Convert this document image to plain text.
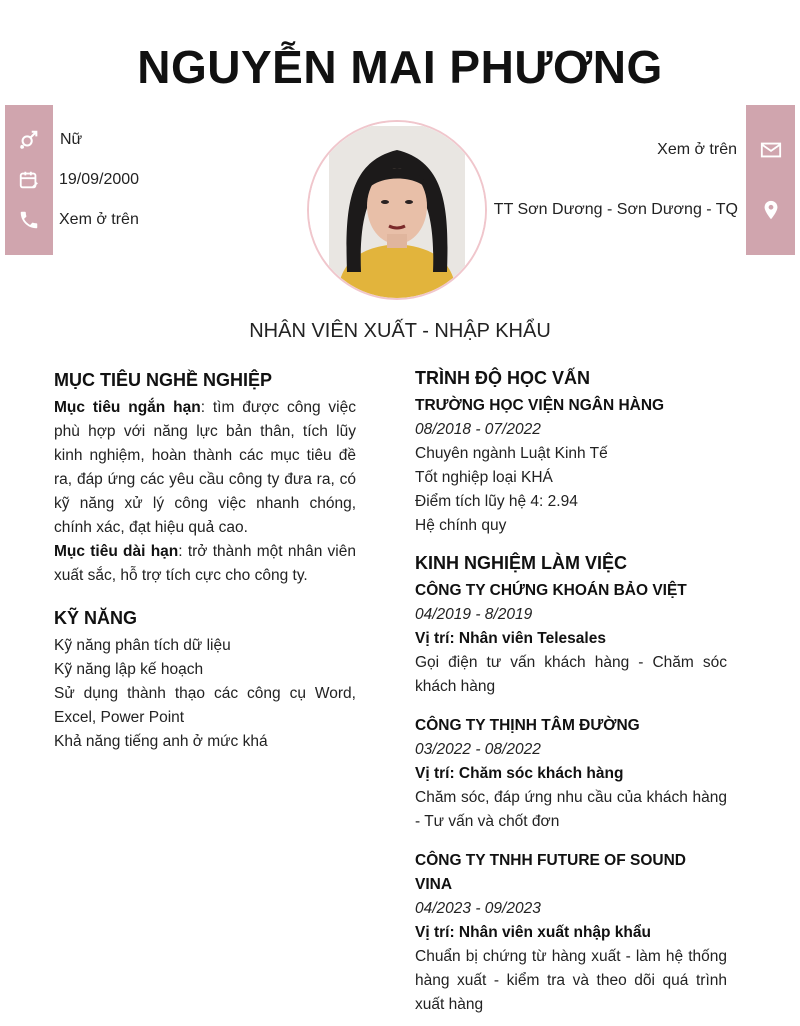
NGUYỄN MAI PHƯƠNG
Nữ
19/09/2000
Xem ở trên
Xem ở trên
TT Sơn Dương - Sơn Dương - TQ
NHÂN VIÊN XUẤT - NHẬP KHẨU
MỤC TIÊU NGHỀ NGHIỆP

Mục tiêu ngắn hạn: tìm được công việc phù hợp với năng lực bản thân, tích lũy kinh nghiệm, hoàn thành các mục tiêu đề ra, đáp ứng các yêu cầu công ty đưa ra, có kỹ năng xử lý công việc nhanh chóng, chính xác, đạt hiệu quả cao.

Mục tiêu dài hạn: trở thành một nhân viên xuất sắc, hỗ trợ tích cực cho công ty.

KỸ NĂNG

Kỹ năng phân tích dữ liệu

Kỹ năng lập kế hoạch

Sử dụng thành thạo các công cụ Word, Excel, Power Point

Khả năng tiếng anh ở mức khá

TRÌNH ĐỘ HỌC VẤN

TRƯỜNG HỌC VIỆN NGÂN HÀNG

08/2018 - 07/2022

Chuyên ngành Luật Kinh Tế

Tốt nghiệp loại KHÁ

Điểm tích lũy hệ 4: 2.94

Hệ chính quy

KINH NGHIỆM LÀM VIỆC

CÔNG TY CHỨNG KHOÁN BẢO VIỆT

04/2019 - 8/2019

Vị trí: Nhân viên Telesales

Gọi điện tư vấn khách hàng - Chăm sóc khách hàng

CÔNG TY THỊNH TÂM ĐƯỜNG

03/2022 - 08/2022

Vị trí: Chăm sóc khách hàng

Chăm sóc, đáp ứng nhu cầu của khách hàng - Tư vấn và chốt đơn

CÔNG TY TNHH FUTURE OF SOUND VINA

04/2023 - 09/2023

Vị trí: Nhân viên xuất nhập khẩu

Chuẩn bị chứng từ hàng xuất - làm hệ thống hàng xuất - kiểm tra và theo dõi quá trình xuất hàng
